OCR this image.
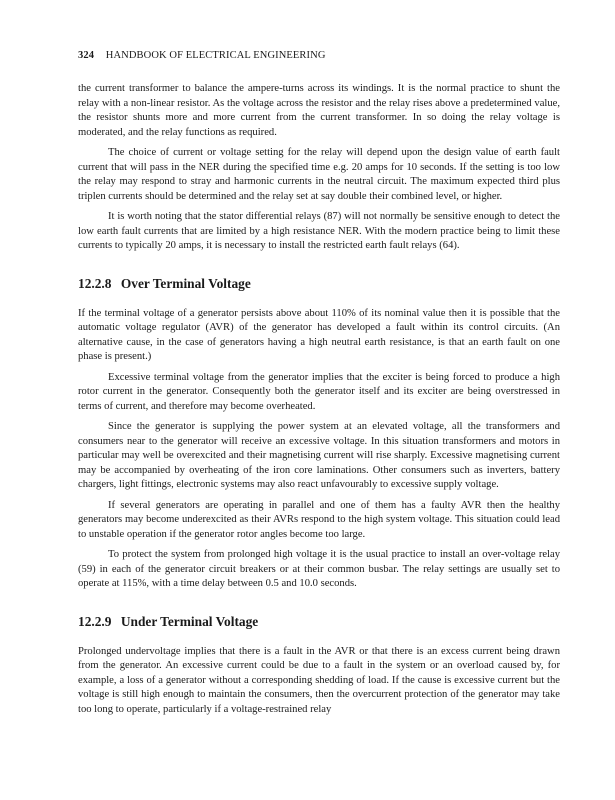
324 HANDBOOK OF ELECTRICAL ENGINEERING

the current transformer to balance the ampere-turns across its windings. It is the normal practice to shunt the relay with a non-linear resistor. As the voltage across the resistor and the relay rises above a predetermined value, the resistor shunts more and more current from the current transformer. In so doing the relay voltage is moderated, and the relay functions as required.

The choice of current or voltage setting for the relay will depend upon the design value of earth fault current that will pass in the NER during the specified time e.g. 20 amps for 10 seconds. If the setting is too low the relay may respond to stray and harmonic currents in the neutral circuit. The maximum expected third plus triplen currents should be determined and the relay set at say double their combined level, or higher.

It is worth noting that the stator differential relays (87) will not normally be sensitive enough to detect the low earth fault currents that are limited by a high resistance NER. With the modern practice being to limit these currents to typically 20 amps, it is necessary to install the restricted earth fault relays (64).

12.2.8 Over Terminal Voltage

If the terminal voltage of a generator persists above about 110% of its nominal value then it is possible that the automatic voltage regulator (AVR) of the generator has developed a fault within its control circuits. (An alternative cause, in the case of generators having a high neutral earth resistance, is that an earth fault on one phase is present.)

Excessive terminal voltage from the generator implies that the exciter is being forced to produce a high rotor current in the generator. Consequently both the generator itself and its exciter are being overstressed in terms of current, and therefore may become overheated.

Since the generator is supplying the power system at an elevated voltage, all the transformers and consumers near to the generator will receive an excessive voltage. In this situation transformers and motors in particular may well be overexcited and their magnetising current will rise sharply. Excessive magnetising current may be accompanied by overheating of the iron core laminations. Other consumers such as inverters, battery chargers, light fittings, electronic systems may also react unfavourably to excessive supply voltage.

If several generators are operating in parallel and one of them has a faulty AVR then the healthy generators may become underexcited as their AVRs respond to the high system voltage. This situation could lead to unstable operation if the generator rotor angles become too large.

To protect the system from prolonged high voltage it is the usual practice to install an over-voltage relay (59) in each of the generator circuit breakers or at their common busbar. The relay settings are usually set to operate at 115%, with a time delay between 0.5 and 10.0 seconds.

12.2.9 Under Terminal Voltage

Prolonged undervoltage implies that there is a fault in the AVR or that there is an excess current being drawn from the generator. An excessive current could be due to a fault in the system or an overload caused by, for example, a loss of a generator without a corresponding shedding of load. If the cause is excessive current but the voltage is still high enough to maintain the consumers, then the overcurrent protection of the generator may take too long to operate, particularly if a voltage-restrained relay
